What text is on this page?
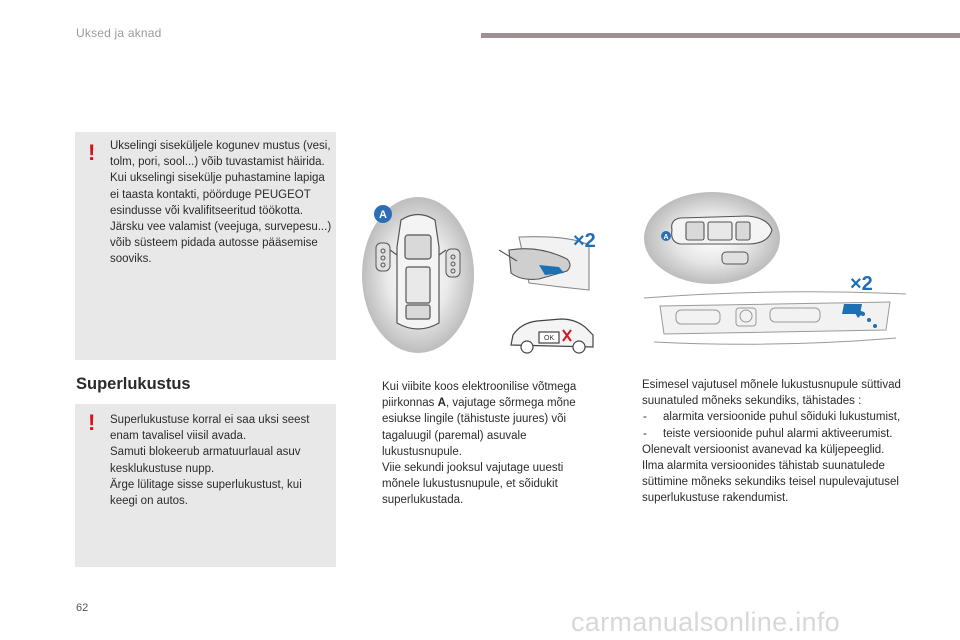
Uksed ja aknad
! Ukselingi siseküljele kogunev mustus (vesi, tolm, pori, sool...) võib tuvastamist häirida.

Kui ukselingi sisekülje puhastamine lapiga ei taasta kontakti, pöörduge PEUGEOT esindusse või kvalifitseeritud töökotta.

Järsku vee valamist (veejuga, survepesu...) võib süsteem pidada autosse pääsemise sooviks.

Superlukustus
! Superlukustuse korral ei saa uksi seest enam tavalisel viisil avada.

Samuti blokeerub armatuurlaual asuv kesklukustuse nupp.

Ärge lülitage sisse superlukustust, kui keegi on autos.

A
×2
OK
A
×2

Kui viibite koos elektroonilise võtmega piirkonnas A, vajutage sõrmega mõne esiukse lingile (tähistuste juures) või tagaluugil (paremal) asuvale lukustusnupule.

Viie sekundi jooksul vajutage uuesti mõnele lukustusnupule, et sõidukit superlukustada.

Esimesel vajutusel mõnele lukustusnupule süttivad suunatuled mõneks sekundiks, tähistades :

- alarmita versioonide puhul sõiduki lukustumist,

- teiste versioonide puhul alarmi aktiveerumist.

Olenevalt versioonist avanevad ka küljepeeglid.

Ilma alarmita versioonides tähistab suunatulede süttimine mõneks sekundiks teisel nupulevajutusel superlukustuse rakendumist.

62	carmanualsonline.info
